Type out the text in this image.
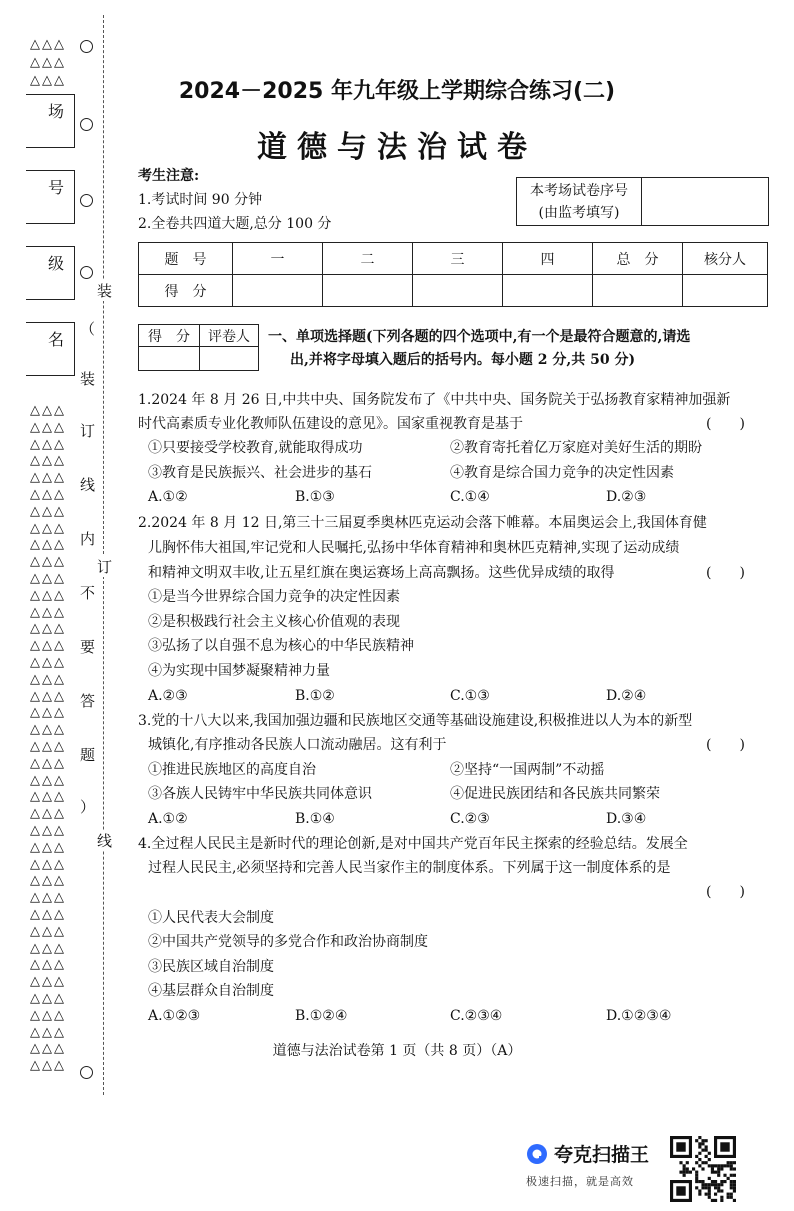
△△△
△△△
△△△
场
号
级
名
（
装
订
线
内
不
要
答
题
）
装
订
线
△△△
△△△
△△△
△△△
△△△
△△△
△△△
△△△
△△△
△△△
△△△
△△△
△△△
△△△
△△△
△△△
△△△
△△△
△△△
△△△
△△△
△△△
△△△
△△△
△△△
△△△
△△△
△△△
△△△
△△△
△△△
△△△
△△△
△△△
△△△
△△△
△△△
△△△
△△△
△△△
2024－2025 年九年级上学期综合练习(二)
道德与法治试卷
考生注意:
1.考试时间 90 分钟
2.全卷共四道大题,总分 100 分
本考场试卷序号
(由监考填写)

题　号	一	二	三	四	总　分	核分人
得　分						
得　分	评卷人
	一、单项选择题(下列各题的四个选项中,有一个是最符合题意的,请选
出,并将字母填入题后的括号内。每小题 2 分,共 50 分)
1.2024 年 8 月 26 日,中共中央、国务院发布了《中共中央、国务院关于弘扬教育家精神加强新
时代高素质专业化教师队伍建设的意见》。国家重视教育是基于	(　　)
①只要接受学校教育,就能取得成功	②教育寄托着亿万家庭对美好生活的期盼
③教育是民族振兴、社会进步的基石	④教育是综合国力竞争的决定性因素
A.①②	B.①③	C.①④	D.②③
2.2024 年 8 月 12 日,第三十三届夏季奥林匹克运动会落下帷幕。本届奥运会上,我国体育健
儿胸怀伟大祖国,牢记党和人民嘱托,弘扬中华体育精神和奥林匹克精神,实现了运动成绩
和精神文明双丰收,让五星红旗在奥运赛场上高高飘扬。这些优异成绩的取得	(　　)
①是当今世界综合国力竞争的决定性因素
②是积极践行社会主义核心价值观的表现
③弘扬了以自强不息为核心的中华民族精神
④为实现中国梦凝聚精神力量
A.②③	B.①②	C.①③	D.②④
3.党的十八大以来,我国加强边疆和民族地区交通等基础设施建设,积极推进以人为本的新型
城镇化,有序推动各民族人口流动融居。这有利于	(　　)
①推进民族地区的高度自治	②坚持“一国两制”不动摇
③各族人民铸牢中华民族共同体意识	④促进民族团结和各民族共同繁荣
A.①②	B.①④	C.②③	D.③④
4.全过程人民民主是新时代的理论创新,是对中国共产党百年民主探索的经验总结。发展全
过程人民民主,必须坚持和完善人民当家作主的制度体系。下列属于这一制度体系的是
(　　)
①人民代表大会制度
②中国共产党领导的多党合作和政治协商制度
③民族区域自治制度
④基层群众自治制度
A.①②③	B.①②④	C.②③④	D.①②③④
道德与法治试卷第 1 页（共 8 页）（A）
夸克扫描王
极速扫描，就是高效
